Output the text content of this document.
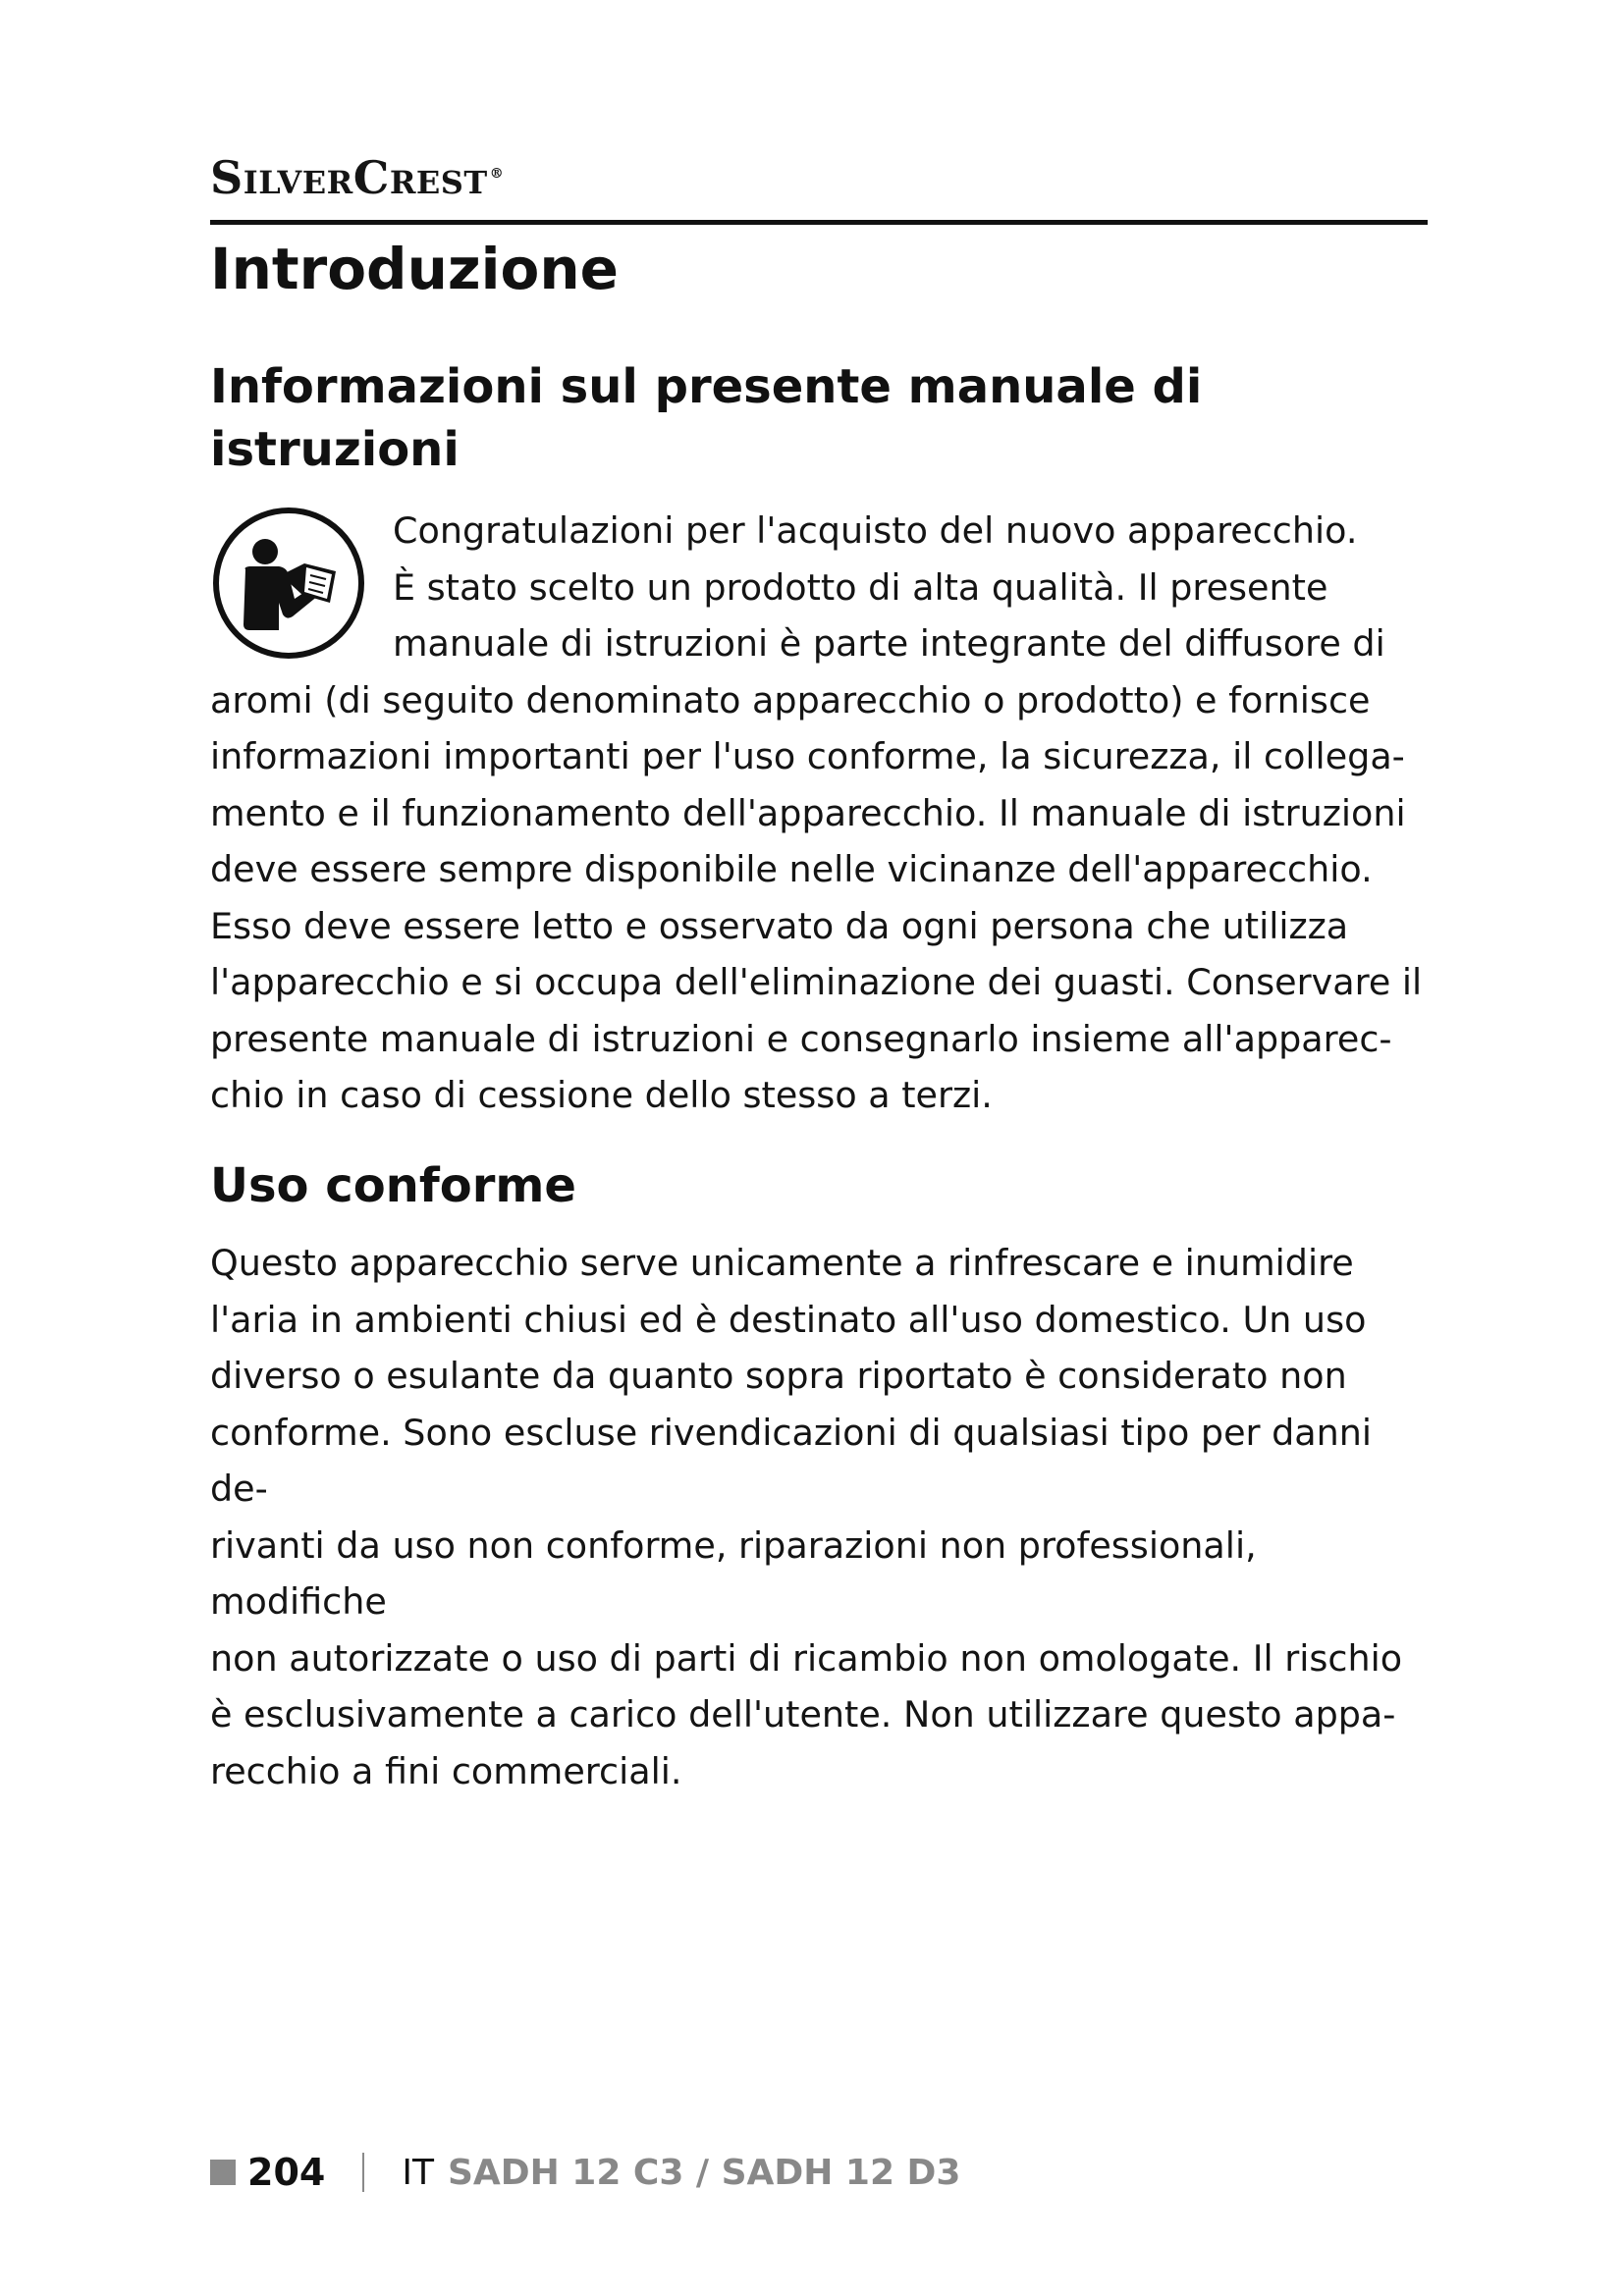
SilverCrest ®
Introduzione
Informazioni sul presente manuale di istruzioni

Congratulazioni per l'acquisto del nuovo apparecchio.
È stato scelto un prodotto di alta qualità. Il presente
manuale di istruzioni è parte integrante del diffusore di
aromi (di seguito denominato apparecchio o prodotto) e fornisce
informazioni importanti per l'uso conforme, la sicurezza, il collega-
mento e il funzionamento dell'apparecchio. Il manuale di istruzioni
deve essere sempre disponibile nelle vicinanze dell'apparecchio.
Esso deve essere letto e osservato da ogni persona che utilizza
l'apparecchio e si occupa dell'eliminazione dei guasti. Conservare il
presente manuale di istruzioni e consegnarlo insieme all'apparec-
chio in caso di cessione dello stesso a terzi.

Uso conforme

Questo apparecchio serve unicamente a rinfrescare e inumidire
l'aria in ambienti chiusi ed è destinato all'uso domestico. Un uso
diverso o esulante da quanto sopra riportato è considerato non
conforme. Sono escluse rivendicazioni di qualsiasi tipo per danni de-
rivanti da uso non conforme, riparazioni non professionali, modifiche
non autorizzate o uso di parti di ricambio non omologate. Il rischio
è esclusivamente a carico dell'utente. Non utilizzare questo appa-
recchio a fini commerciali.

204 IT SADH 12 C3 / SADH 12 D3
